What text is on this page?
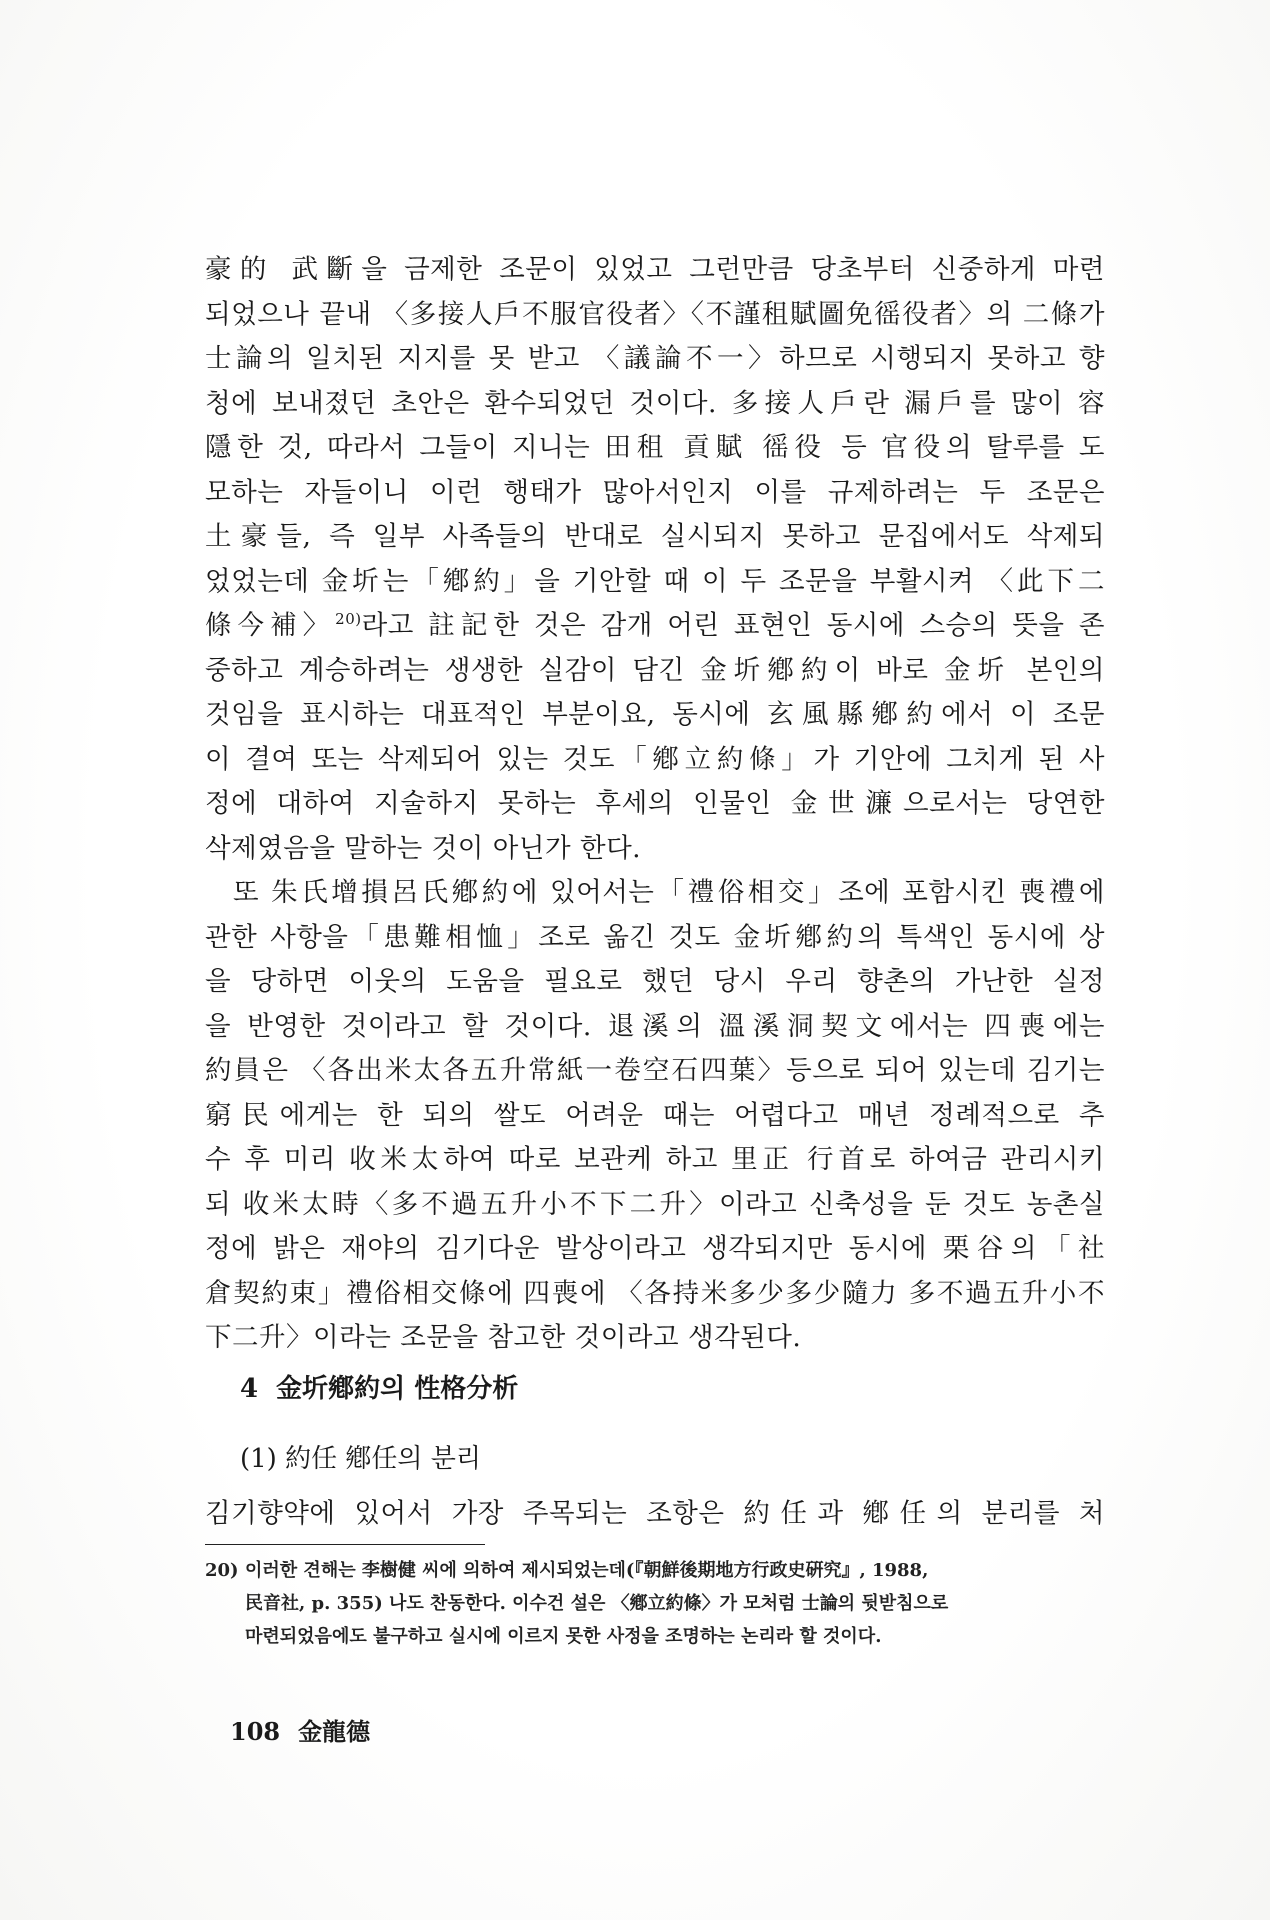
豪的 武斷을 금제한 조문이 있었고 그런만큼 당초부터 신중하게 마련
되었으나 끝내 〈多接人戶不服官役者〉〈不謹租賦圖免徭役者〉의 二條가
士論의 일치된 지지를 못 받고 〈議論不一〉하므로 시행되지 못하고 향
청에 보내졌던 초안은 환수되었던 것이다. 多接人戶란 漏戶를 많이 容
隱한 것, 따라서 그들이 지니는 田租 貢賦 徭役 등 官役의 탈루를 도
모하는 자들이니 이런 행태가 많아서인지 이를 규제하려는 두 조문은
土豪들, 즉 일부 사족들의 반대로 실시되지 못하고 문집에서도 삭제되
었었는데 金圻는「鄕約」을 기안할 때 이 두 조문을 부활시켜 〈此下二
條今補〉$^{20)}$라고 註記한 것은 감개 어린 표현인 동시에 스승의 뜻을 존
중하고 계승하려는 생생한 실감이 담긴 金圻鄕約이 바로 金圻 본인의
것임을 표시하는 대표적인 부분이요, 동시에 玄風縣鄕約에서 이 조문
이 결여 또는 삭제되어 있는 것도「鄕立約條」가 기안에 그치게 된 사
정에 대하여 지술하지 못하는 후세의 인물인 金世濂으로서는 당연한
삭제였음을 말하는 것이 아닌가 한다.
또 朱氏增損呂氏鄕約에 있어서는「禮俗相交」조에 포함시킨 喪禮에
관한 사항을「患難相恤」조로 옮긴 것도 金圻鄕約의 특색인 동시에 상
을 당하면 이웃의 도움을 필요로 했던 당시 우리 향촌의 가난한 실정
을 반영한 것이라고 할 것이다. 退溪의 溫溪洞契文에서는 四喪에는
約員은 〈各出米太各五升常紙一卷空石四葉〉등으로 되어 있는데 김기는
窮民에게는 한 되의 쌀도 어려운 때는 어렵다고 매년 정례적으로 추
수 후 미리 收米太하여 따로 보관케 하고 里正 行首로 하여금 관리시키
되 收米太時〈多不過五升小不下二升〉이라고 신축성을 둔 것도 농촌실
정에 밝은 재야의 김기다운 발상이라고 생각되지만 동시에 栗谷의「社
倉契約束」禮俗相交條에 四喪에 〈各持米多少多少隨力 多不過五升小不
下二升〉이라는 조문을 참고한 것이라고 생각된다.
4 金圻鄕約의 性格分析
(1) 約任 鄕任의 분리
김기향약에 있어서 가장 주목되는 조항은 約任과 鄕任의 분리를 처
20) 이러한 견해는 李樹健 씨에 의하여 제시되었는데(『朝鮮後期地方行政史硏究』, 1988,
民音社, p. 355) 나도 찬동한다. 이수건 설은 〈鄕立約條〉가 모처럼 士論의 뒷받침으로
마련되었음에도 불구하고 실시에 이르지 못한 사정을 조명하는 논리라 할 것이다.
108 金龍德
